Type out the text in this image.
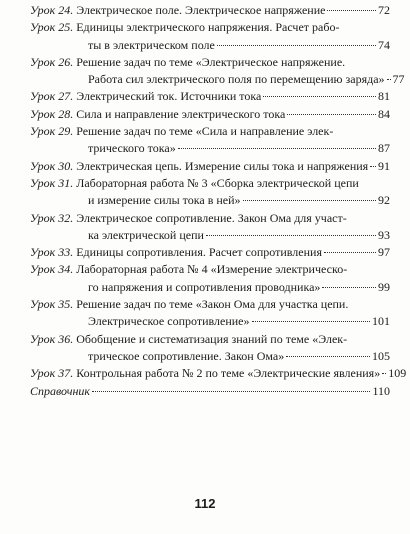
Урок 24.
Электрическое поле. Электрическое напряжение	72
Урок 25.
Единицы электрического напряжения. Расчет рабо-
ты в электрическом поле	74
Урок 26.
Решение задач по теме «Электрическое напряжение.
Работа сил электрического поля по перемещению заряда» 77
Урок 27.
Электрический ток. Источники тока	81
Урок 28.
Сила и направление электрического тока	84
Урок 29.
Решение задач по теме «Сила и направление элек-
трического тока»	87
Урок 30.
Электрическая цепь. Измерение силы тока и напряжения 91
Урок 31.
Лабораторная работа № 3 «Сборка электрической цепи
и измерение силы тока в ней»	92
Урок 32.
Электрическое сопротивление. Закон Ома для участ-
ка электрической цепи	93
Урок 33.
Единицы сопротивления. Расчет сопротивления	97
Урок 34.
Лабораторная работа № 4 «Измерение электрическо-
го напряжения и сопротивления проводника»	99
Урок 35.
Решение задач по теме «Закон Ома для участка цепи.
Электрическое сопротивление»	101
Урок 36.
Обобщение и систематизация знаний по теме «Элек-
трическое сопротивление. Закон Ома»	105
Урок 37.
Контрольная работа № 2 по теме «Электрические явления» 109
Справочник	110
112
